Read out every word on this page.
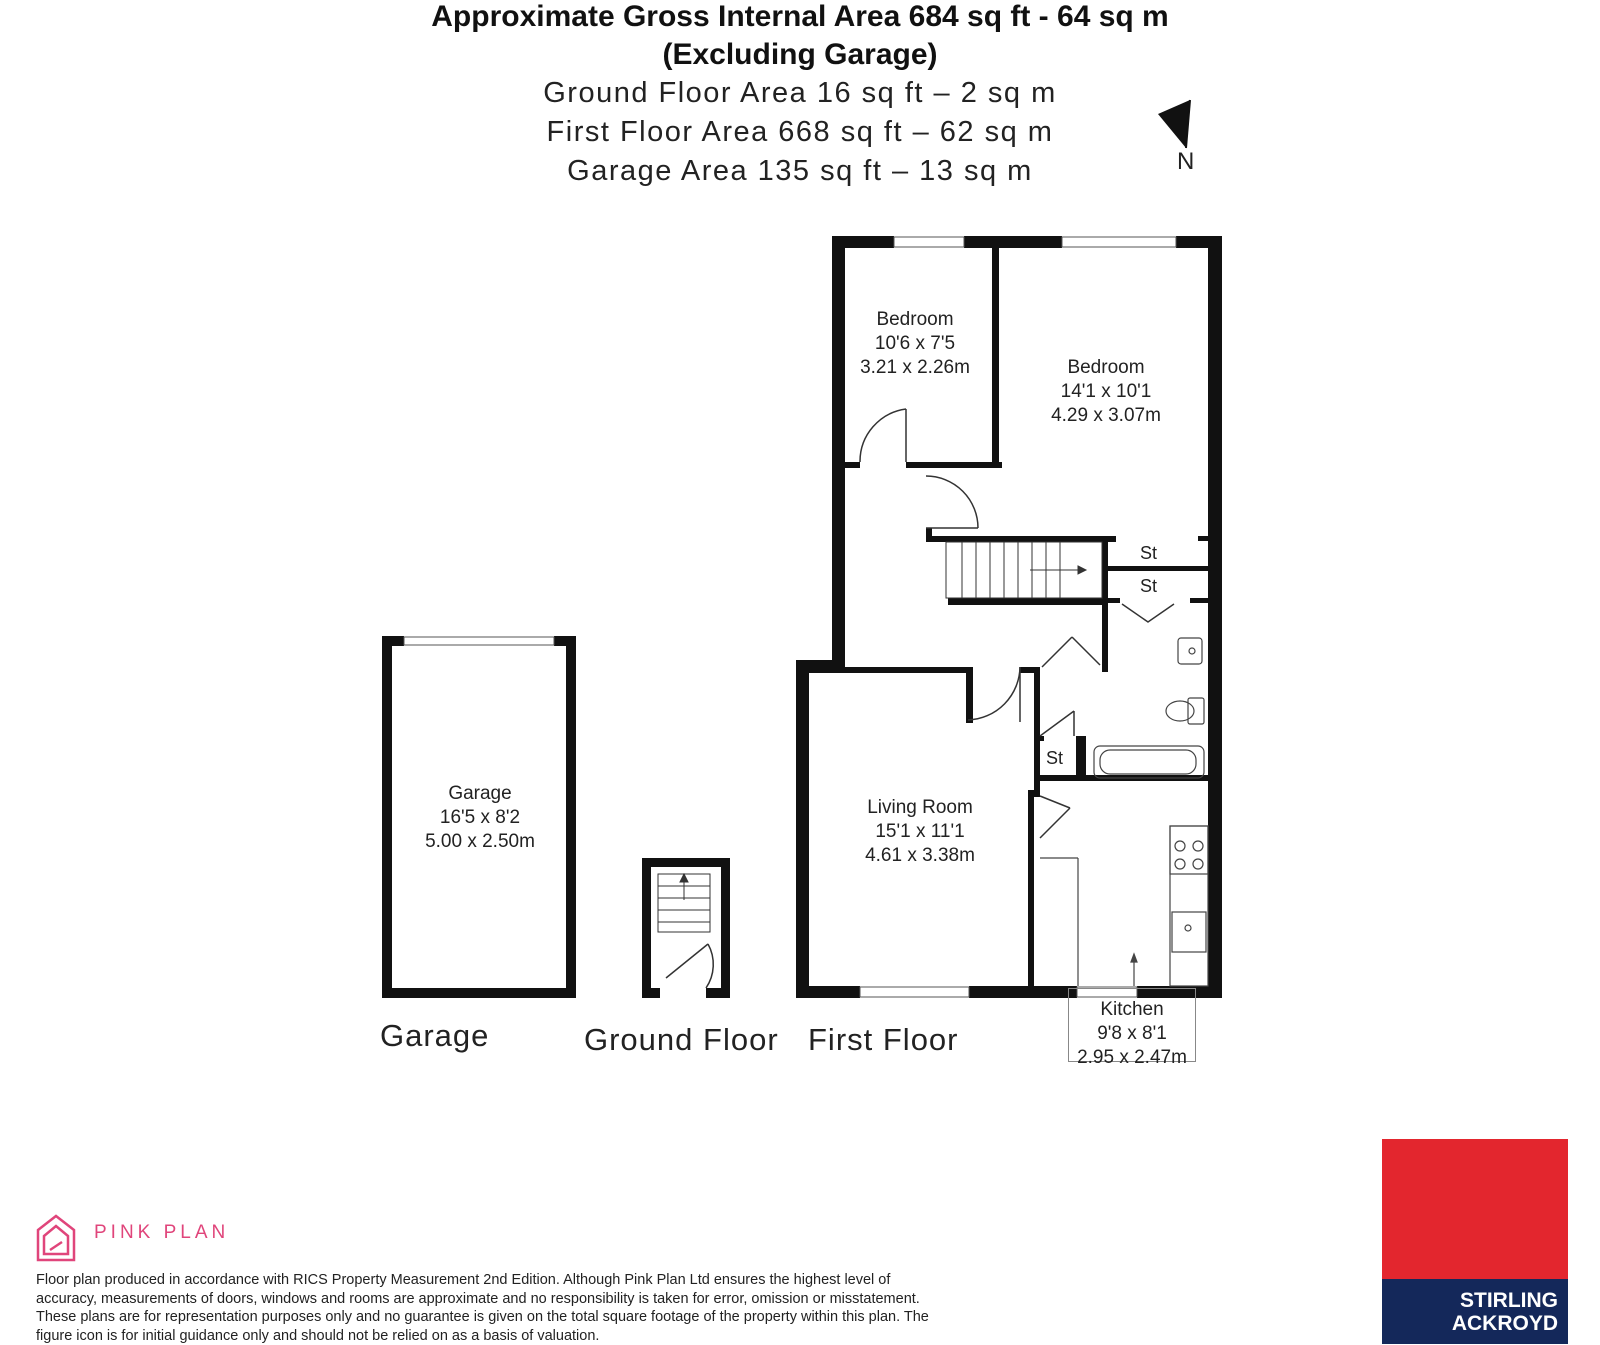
Approximate Gross Internal Area 684 sq ft - 64 sq m
(Excluding Garage)
Ground Floor Area 16 sq ft – 2 sq m
First Floor Area 668 sq ft – 62 sq m
Garage Area 135 sq ft – 13 sq m
Bedroom
10'6 x 7'5
3.21 x 2.26m	Bedroom
14'1 x 10'1
4.29 x 3.07m
Living Room
15'1 x 11'1
4.61 x 3.38m
Garage
16'5 x 8'2
5.00 x 2.50m
Kitchen
9'8 x 8'1
2.95 x 2.47m
St
St
St
N
Garage	Ground Floor First Floor
PINK PLAN
Floor plan produced in accordance with RICS Property Measurement 2nd Edition. Although Pink Plan Ltd ensures the highest level of accuracy, measurements of doors, windows and rooms are approximate and no responsibility is taken for error, omission or misstatement. These plans are for representation purposes only and no guarantee is given on the total square footage of the property within this plan. The figure icon is for initial guidance only and should not be relied on as a basis of valuation.
STIRLING
ACKROYD
